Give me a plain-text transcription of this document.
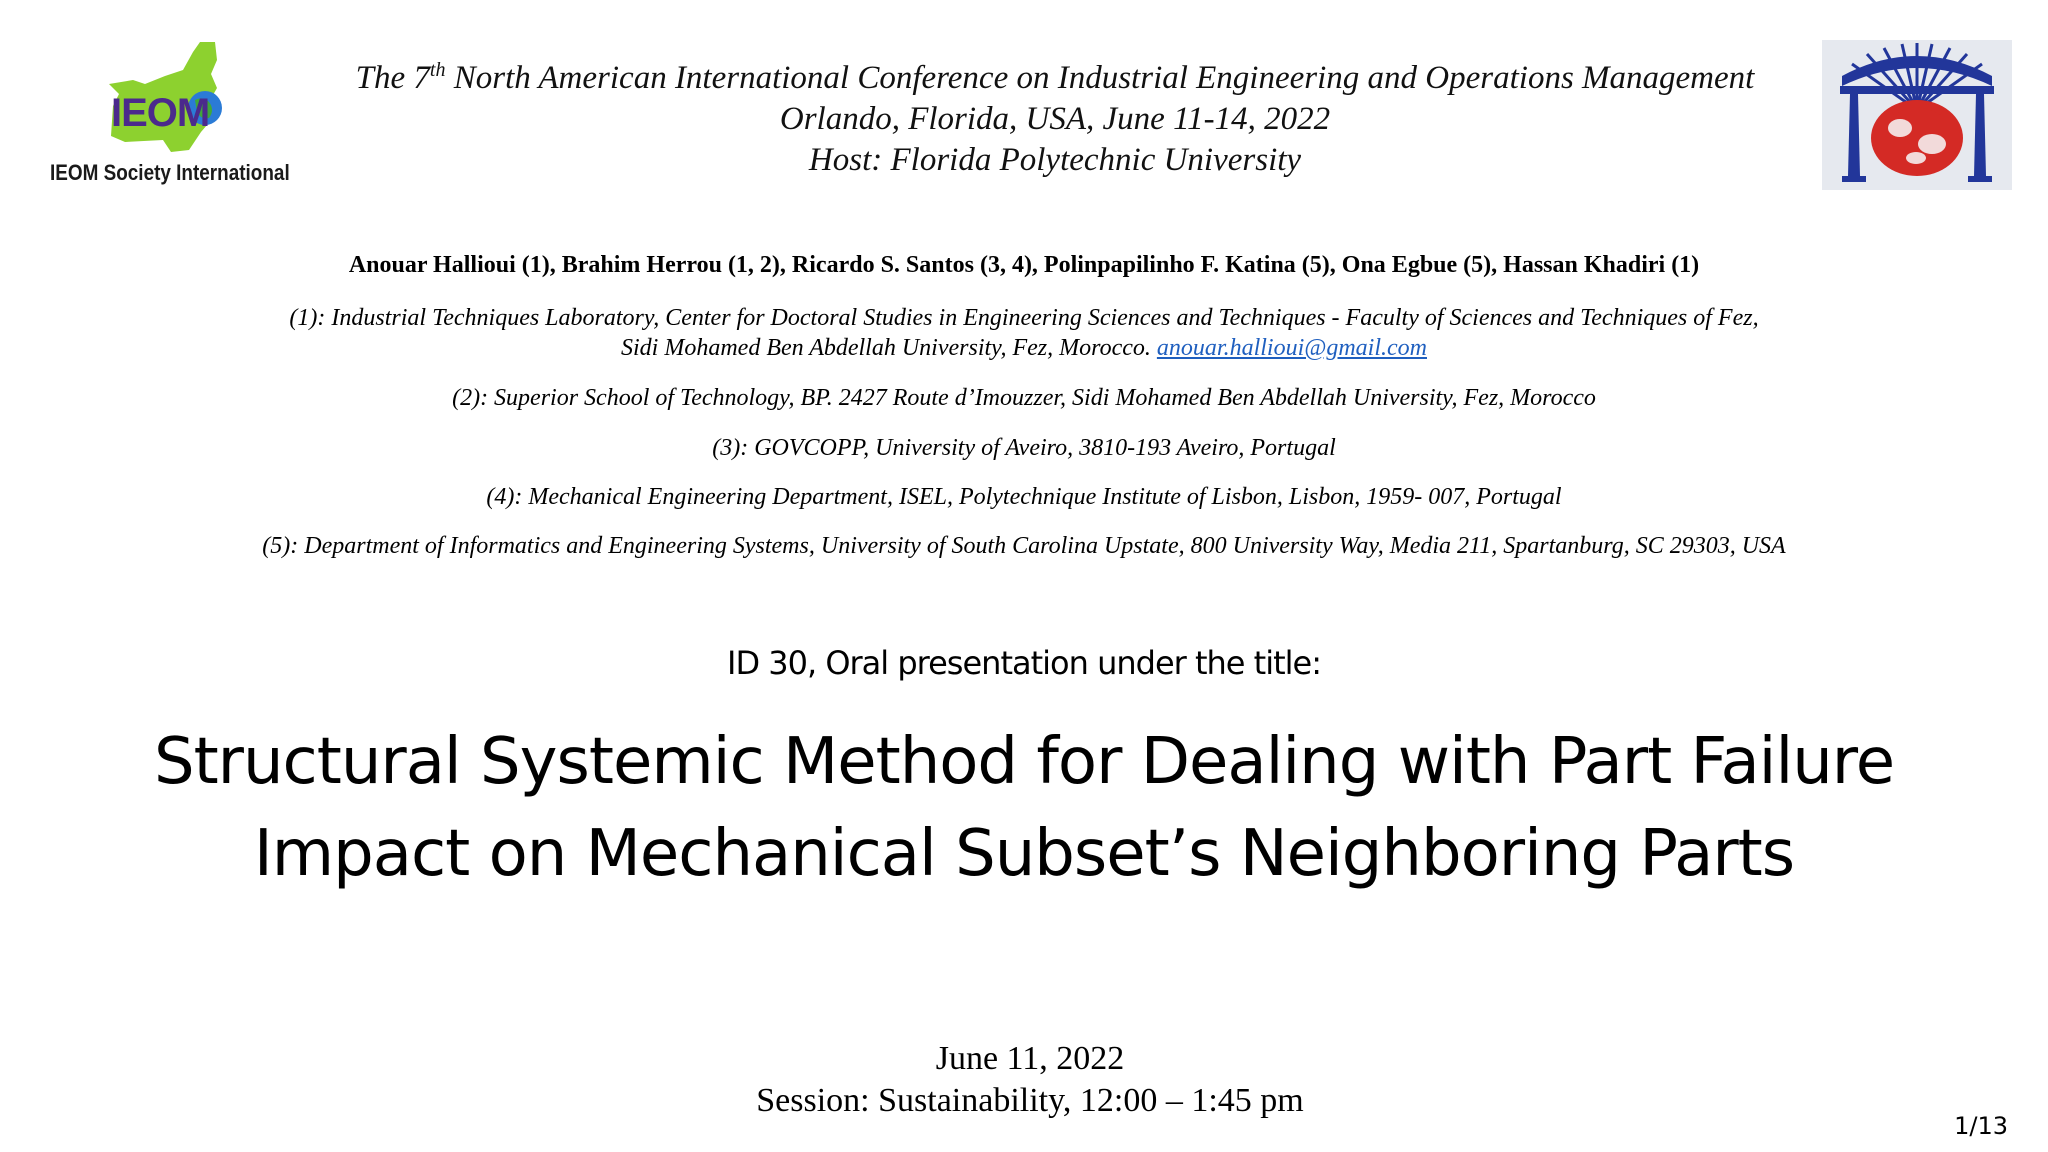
IEOM
IEOM Society International
The 7th North American International Conference on Industrial Engineering and Operations Management
Orlando, Florida, USA, June 11-14, 2022
Host: Florida Polytechnic University
Anouar Hallioui (1), Brahim Herrou (1, 2), Ricardo S. Santos (3, 4), Polinpapilinho F. Katina (5), Ona Egbue (5), Hassan Khadiri (1)
(1): Industrial Techniques Laboratory, Center for Doctoral Studies in Engineering Sciences and Techniques - Faculty of Sciences and Techniques of Fez,
Sidi Mohamed Ben Abdellah University, Fez, Morocco. anouar.hallioui@gmail.com
(2): Superior School of Technology, BP. 2427 Route d’Imouzzer, Sidi Mohamed Ben Abdellah University, Fez, Morocco
(3): GOVCOPP, University of Aveiro, 3810-193 Aveiro, Portugal
(4): Mechanical Engineering Department, ISEL, Polytechnique Institute of Lisbon, Lisbon, 1959- 007, Portugal
(5): Department of Informatics and Engineering Systems, University of South Carolina Upstate, 800 University Way, Media 211, Spartanburg, SC 29303, USA
ID 30, Oral presentation under the title:
Structural Systemic Method for Dealing with Part Failure
Impact on Mechanical Subset’s Neighboring Parts
June 11, 2022
Session: Sustainability, 12:00 – 1:45 pm
1/13
